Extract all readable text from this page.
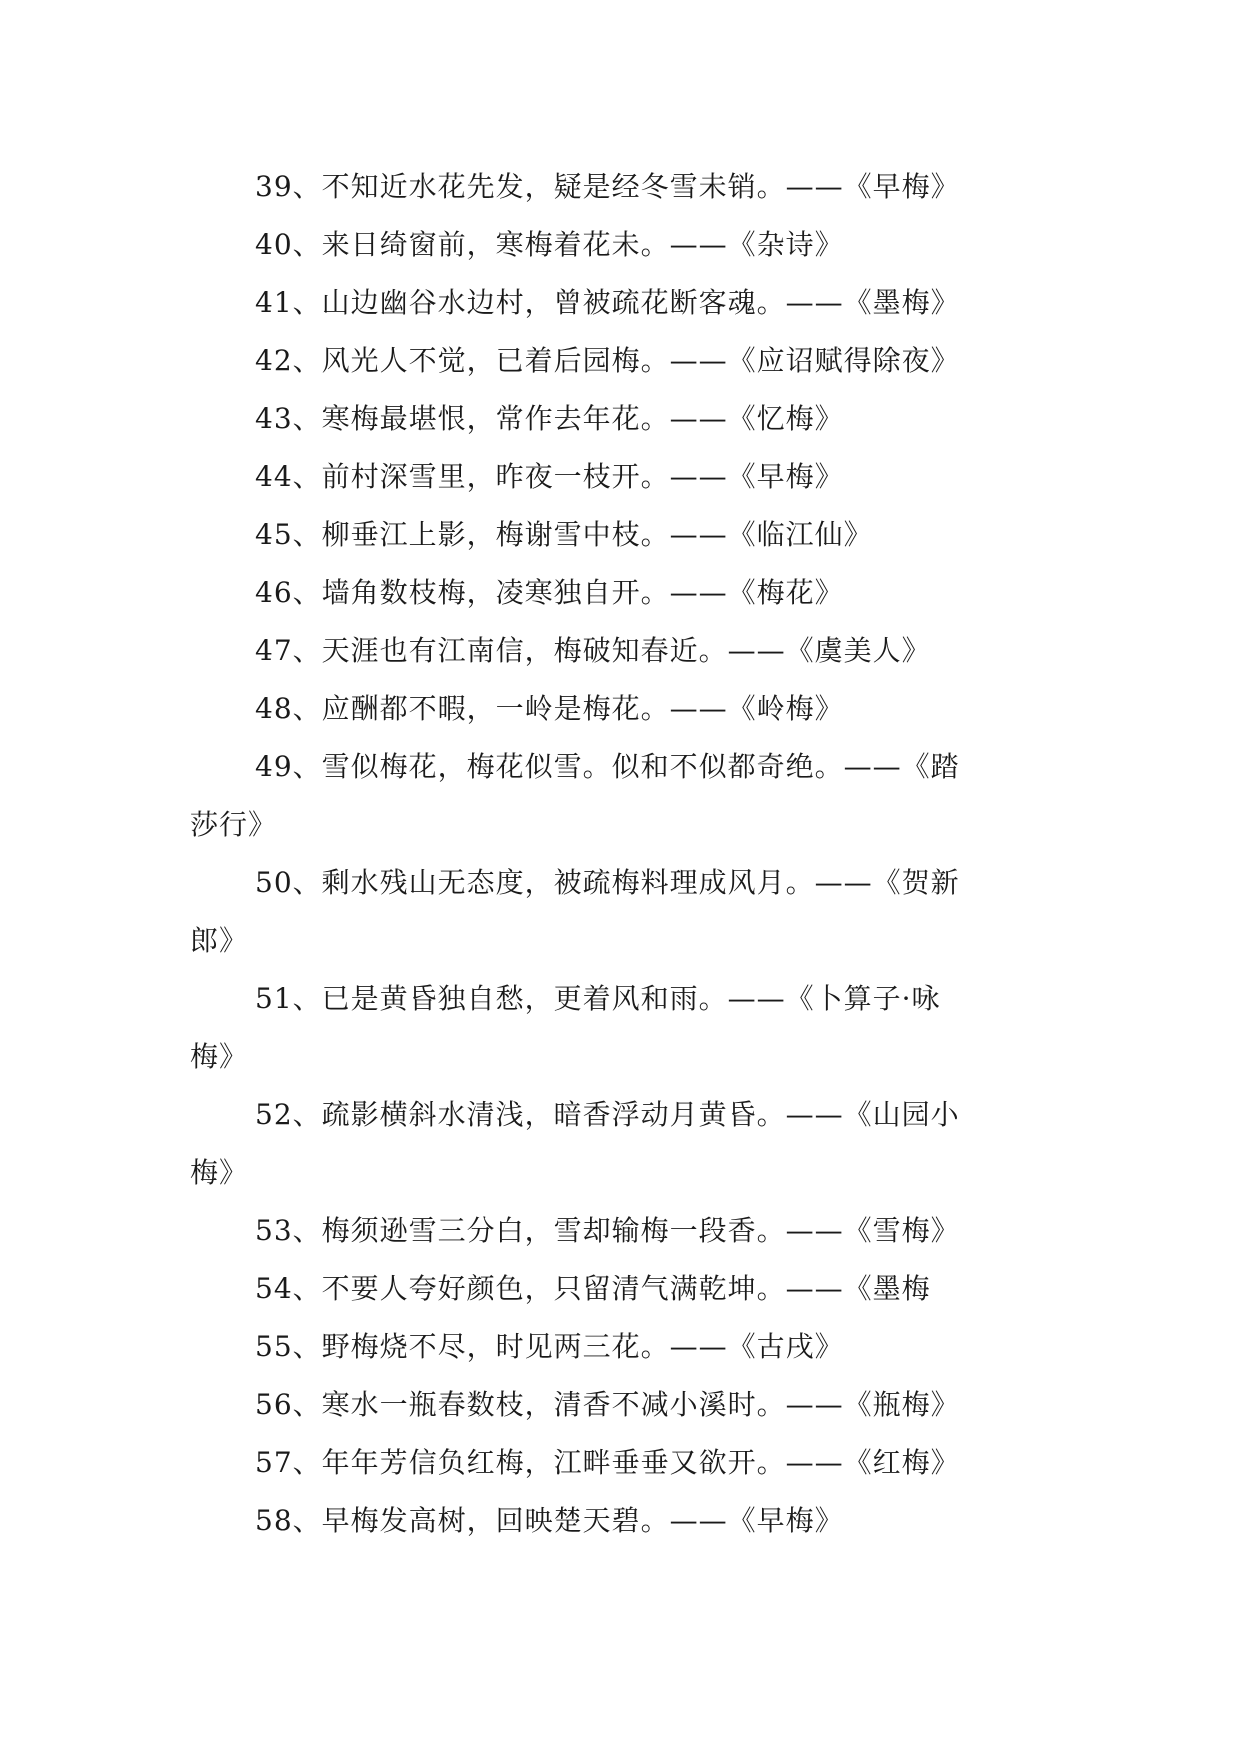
39、不知近水花先发，疑是经冬雪未销。——《早梅》
40、来日绮窗前，寒梅着花未。——《杂诗》
41、山边幽谷水边村，曾被疏花断客魂。——《墨梅》
42、风光人不觉，已着后园梅。——《应诏赋得除夜》
43、寒梅最堪恨，常作去年花。——《忆梅》
44、前村深雪里，昨夜一枝开。——《早梅》
45、柳垂江上影，梅谢雪中枝。——《临江仙》
46、墙角数枝梅，凌寒独自开。——《梅花》
47、天涯也有江南信，梅破知春近。——《虞美人》
48、应酬都不暇，一岭是梅花。——《岭梅》
49、雪似梅花，梅花似雪。似和不似都奇绝。——《踏
莎行》
50、剩水残山无态度，被疏梅料理成风月。——《贺新
郎》
51、已是黄昏独自愁，更着风和雨。——《卜算子·咏
梅》
52、疏影横斜水清浅，暗香浮动月黄昏。——《山园小
梅》
53、梅须逊雪三分白，雪却输梅一段香。——《雪梅》
54、不要人夸好颜色，只留清气满乾坤。——《墨梅
55、野梅烧不尽，时见两三花。——《古戌》
56、寒水一瓶春数枝，清香不减小溪时。——《瓶梅》
57、年年芳信负红梅，江畔垂垂又欲开。——《红梅》
58、早梅发高树，回映楚天碧。——《早梅》
